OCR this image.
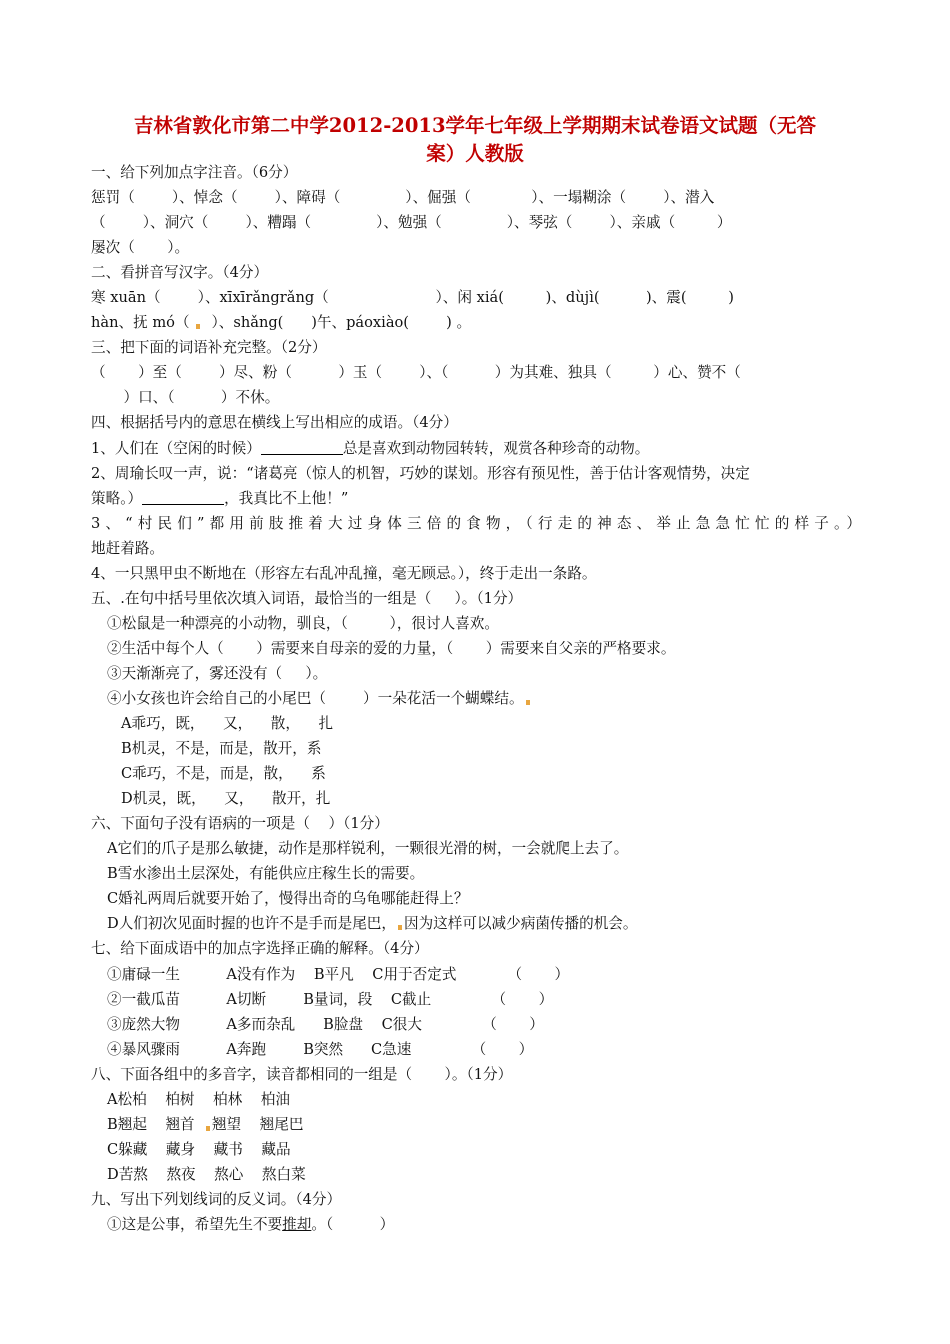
吉林省敦化市第二中学2012-2013学年七年级上学期期末试卷语文试题（无答
案）人教版
一、给下列加点字注音。（6分）
惩罚（        ）、悼念（        ）、障碍（              ）、倔强（             ）、一塌糊涂（        ）、潜入
（        ）、洞穴（        ）、糟蹋（              ）、勉强（              ）、琴弦（        ）、亲戚（         ）
屡次（       ）。
二、看拼音写汉字。（4分）
寒 xuān（        ）、xīxīrǎngrǎng（                       ）、闲 xiá(         )、dùjì(          )、震(         )
hàn、抚 mó（   ）、shǎng(      )午、páoxiào(        ) 。
三、把下面的词语补充完整。（2分）
（       ）至（        ）尽、粉（          ）玉（        ）、（          ）为其难、独具（         ）心、赞不（
）口、（          ）不休。
四、根据括号内的意思在横线上写出相应的成语。（4分）
1、人们在（空闲的时候）	总是喜欢到动物园转转，观赏各种珍奇的动物。
2、周瑜长叹一声，说：“诸葛亮（惊人的机智，巧妙的谋划。形容有预见性，善于估计客观情势，决定
策略。）	，我真比不上他！”
3、“村民们”都用前肢推着大过身体三倍的食物，（行走的神态、举止急急忙忙的样子。）
地赶着路。
4、一只黑甲虫不断地在（形容左右乱冲乱撞，毫无顾忌。），终于走出一条路。
五、.在句中括号里依次填入词语，最恰当的一组是（     ）。（1分）
①松鼠是一种漂亮的小动物，驯良，（         ），很讨人喜欢。
②生活中每个人（       ）需要来自母亲的爱的力量，（       ）需要来自父亲的严格要求。
③天渐渐亮了，雾还没有（     ）。
④小女孩也许会给自己的小尾巴（        ）一朵花活一个蝴蝶结。
A乖巧，既，    又，    散，    扎
B机灵，不是，而是，散开，系
C乖巧，不是，而是，散，    系
D机灵，既，    又，    散开，扎
六、下面句子没有语病的一项是（    ）（1分）
A它们的爪子是那么敏捷，动作是那样锐利，一颗很光滑的树，一会就爬上去了。
B雪水渗出土层深处，有能供应庄稼生长的需要。
C婚礼两周后就要开始了，慢得出奇的乌龟哪能赶得上？
D人们初次见面时握的也许不是手而是尾巴， 因为这样可以减少病菌传播的机会。
七、给下面成语中的加点字选择正确的解释。（4分）
①庸碌一生          A没有作为    B平凡    C用于否定式           （       ）
②一截瓜苗          A切断        B量词，段    C截止             （       ）
③庞然大物          A多而杂乱      B脸盘    C很大             （       ）
④暴风骤雨          A奔跑        B突然      C急速             （       ）
八、下面各组中的多音字，读音都相同的一组是（       ）。（1分）
A松柏    柏树    柏林    柏油
B翘起    翘首  翘望    翘尾巴
C躲藏    藏身    藏书    藏品
D苦熬    熬夜    熬心    熬白菜
九、写出下列划线词的反义词。（4分）
①这是公事，希望先生不要推却。（          ）
